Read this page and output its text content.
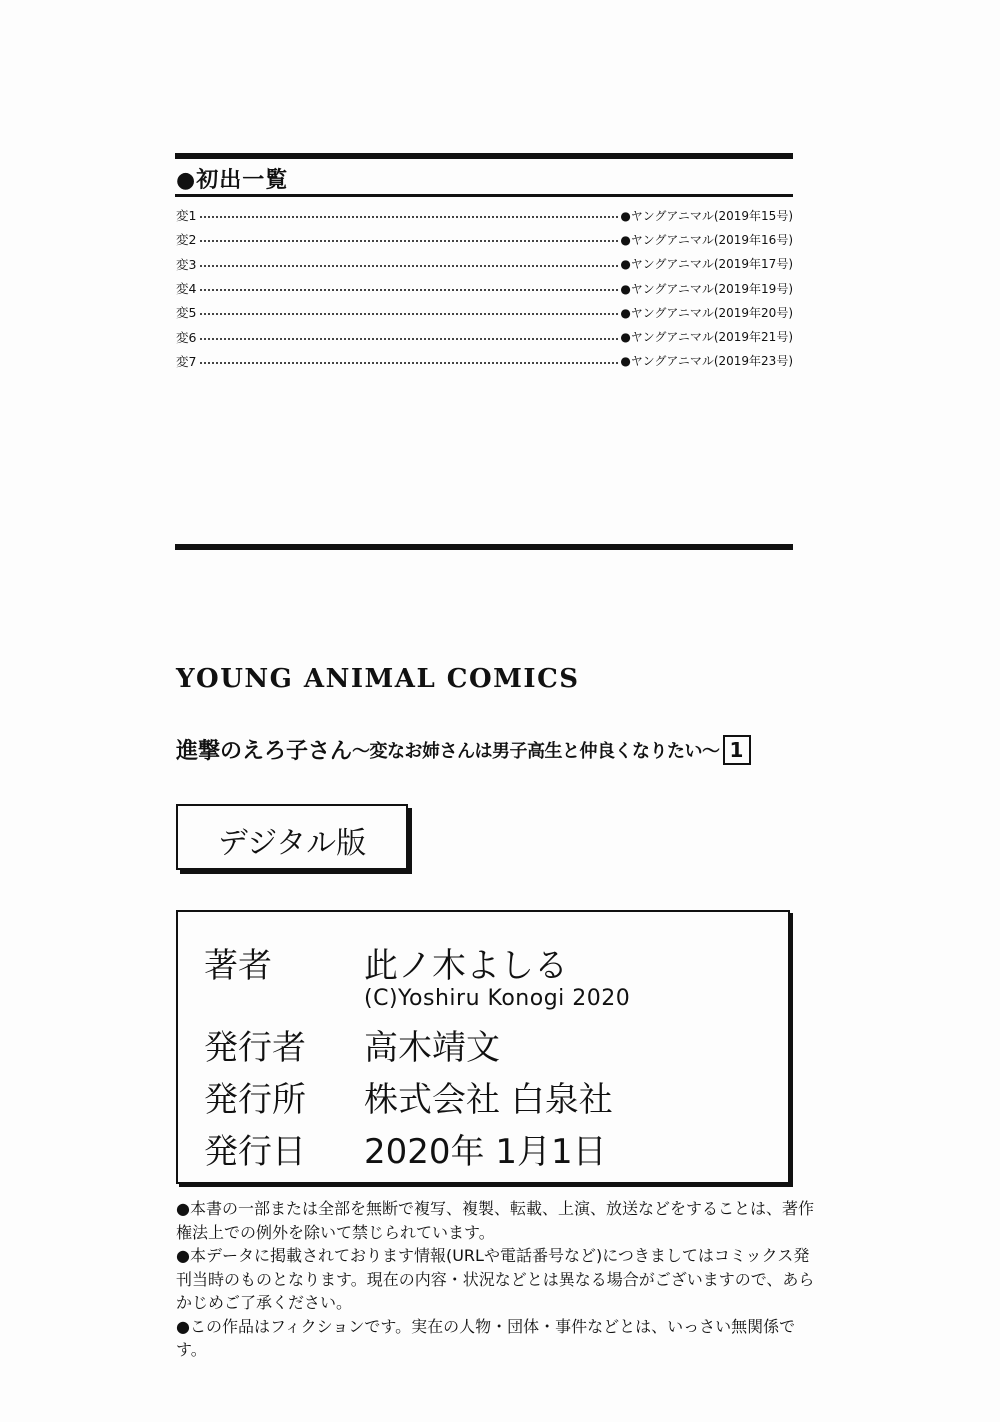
●初出一覧
変1	●ヤングアニマル(2019年15号)
変2	●ヤングアニマル(2019年16号)
変3	●ヤングアニマル(2019年17号)
変4	●ヤングアニマル(2019年19号)
変5	●ヤングアニマル(2019年20号)
変6	●ヤングアニマル(2019年21号)
変7	●ヤングアニマル(2019年23号)
YOUNG ANIMAL COMICS
進撃のえろ子さん 〜変なお姉さんは男子高生と仲良くなりたい〜 1
デジタル版
著者	此ノ木よしる
(C)Yoshiru Konogi 2020
発行者 高木靖文
発行所 株式会社 白泉社
発行日 2020年 1月1日

●本書の一部または全部を無断で複写、複製、転載、上演、放送などをすることは、著作権法上での例外を除いて禁じられています。

●本データに掲載されております情報(URLや電話番号など)につきましてはコミックス発刊当時のものとなります。現在の内容・状況などとは異なる場合がございますので、あらかじめご了承ください。

●この作品はフィクションです。実在の人物・団体・事件などとは、いっさい無関係です。
